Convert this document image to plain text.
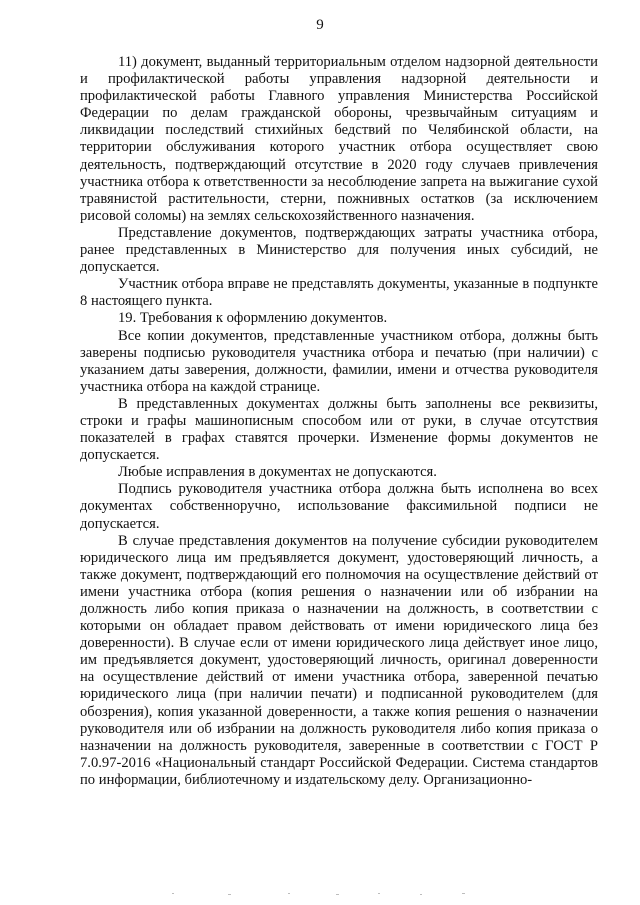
9

11) документ, выданный территориальным отделом надзорной деятельности и профилактической работы управления надзорной деятельности и профилактической работы Главного управления Министерства Российской Федерации по делам гражданской обороны, чрезвычайным ситуациям и ликвидации последствий стихийных бедствий по Челябинской области, на территории обслуживания которого участник отбора осуществляет свою деятельность, подтверждающий отсутствие в 2020 году случаев привлечения участника отбора к ответственности за несоблюдение запрета на выжигание сухой травянистой растительности, стерни, пожнивных остатков (за исключением рисовой соломы) на землях сельскохозяйственного назначения.

Представление документов, подтверждающих затраты участника отбора, ранее представленных в Министерство для получения иных субсидий, не допускается.

Участник отбора вправе не представлять документы, указанные в подпункте 8 настоящего пункта.

19. Требования к оформлению документов.

Все копии документов, представленные участником отбора, должны быть заверены подписью руководителя участника отбора и печатью (при наличии) с указанием даты заверения, должности, фамилии, имени и отчества руководителя участника отбора на каждой странице.

В представленных документах должны быть заполнены все реквизиты, строки и графы машинописным способом или от руки, в случае отсутствия показателей в графах ставятся прочерки. Изменение формы документов не допускается.

Любые исправления в документах не допускаются.

Подпись руководителя участника отбора должна быть исполнена во всех документах собственноручно, использование факсимильной подписи не допускается.

В случае представления документов на получение субсидии руководителем юридического лица им предъявляется документ, удостоверяющий личность, а также документ, подтверждающий его полномочия на осуществление действий от имени участника отбора (копия решения о назначении или об избрании на должность либо копия приказа о назначении на должность, в соответствии с которыми он обладает правом действовать от имени юридического лица без доверенности). В случае если от имени юридического лица действует иное лицо, им предъявляется документ, удостоверяющий личность, оригинал доверенности на осуществление действий от имени участника отбора, заверенной печатью юридического лица (при наличии печати) и подписанной руководителем (для обозрения), копия указанной доверенности, а также копия решения о назначении руководителя или об избрании на должность руководителя либо копия приказа о назначении на должность руководителя, заверенные в соответствии с ГОСТ Р 7.0.97-2016 «Национальный стандарт Российской Федерации. Система стандартов по информации, библиотечному и издательскому делу. Организационно-
